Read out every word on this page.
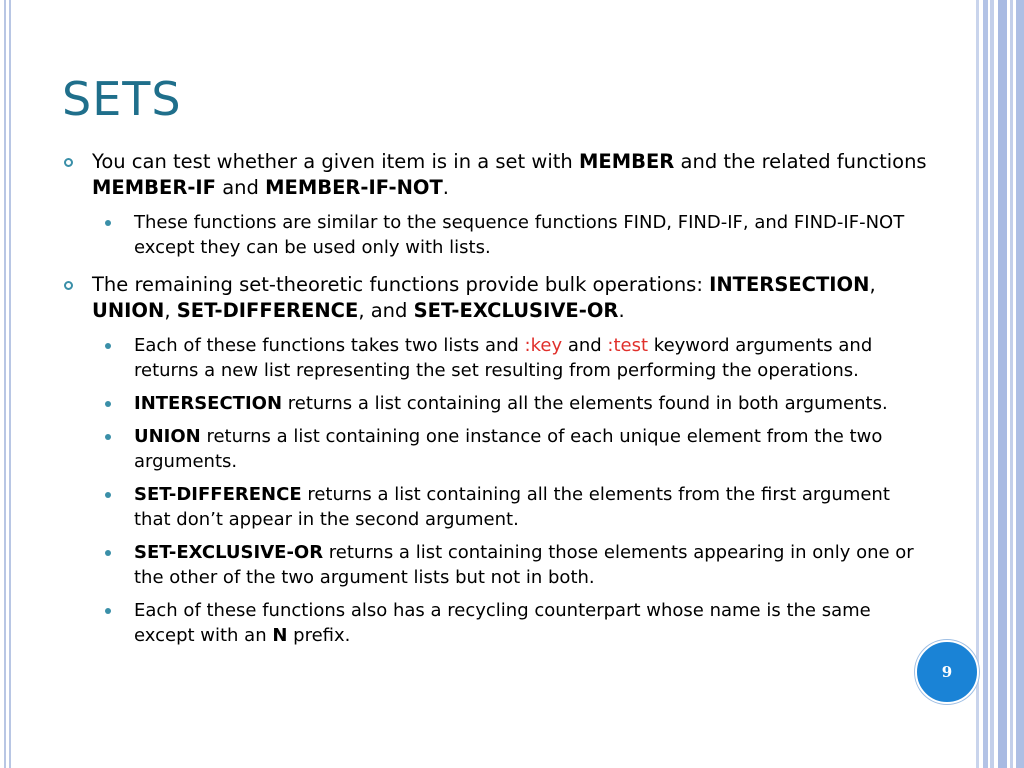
SETS
You can test whether a given item is in a set with MEMBER and the related functions MEMBER-IF and MEMBER-IF-NOT.
These functions are similar to the sequence functions FIND, FIND-IF, and FIND-IF-NOT except they can be used only with lists.
The remaining set-theoretic functions provide bulk operations: INTERSECTION, UNION, SET-DIFFERENCE, and SET-EXCLUSIVE-OR.
Each of these functions takes two lists and :key and :test keyword arguments and returns a new list representing the set resulting from performing the operations.
INTERSECTION returns a list containing all the elements found in both arguments.
UNION returns a list containing one instance of each unique element from the two arguments.
SET-DIFFERENCE returns a list containing all the elements from the first argument that don’t appear in the second argument.
SET-EXCLUSIVE-OR returns a list containing those elements appearing in only one or the other of the two argument lists but not in both.
Each of these functions also has a recycling counterpart whose name is the same except with an N prefix.
9
